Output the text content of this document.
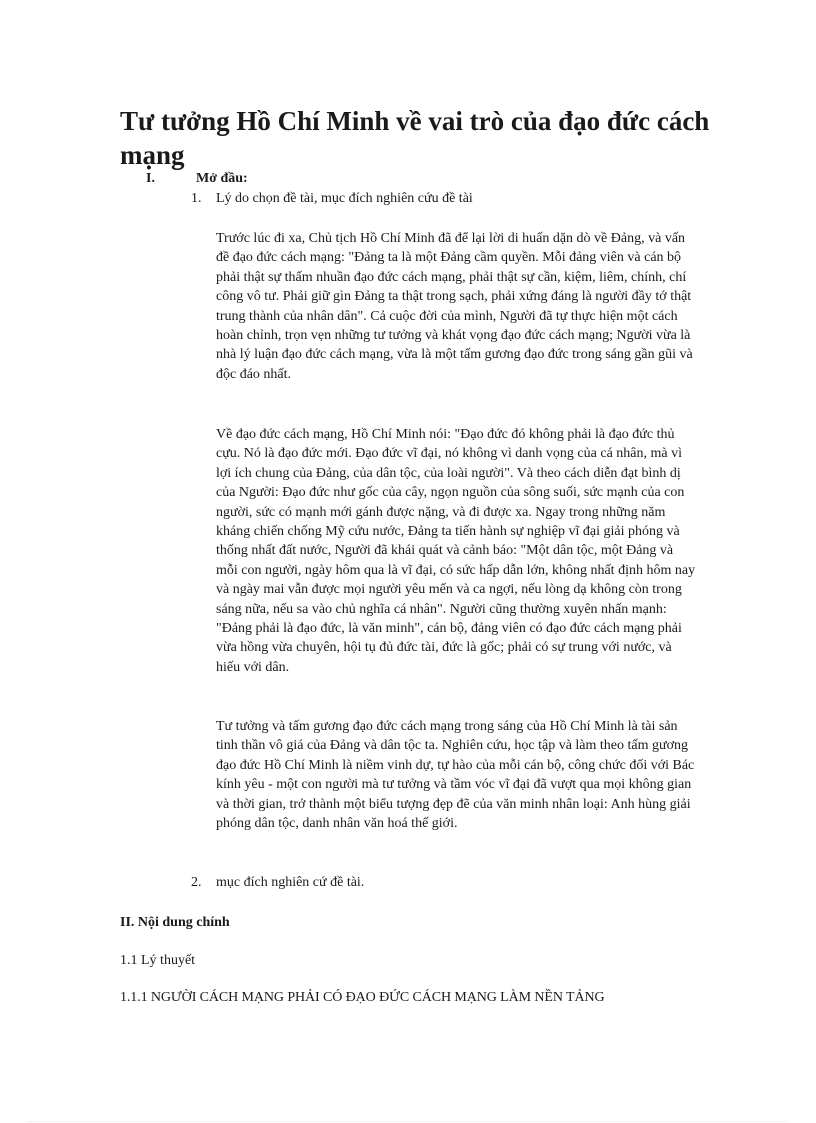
Tư tưởng Hồ Chí Minh về vai trò của đạo đức cách mạng
I.	Mở đầu:
1. Lý do chọn đề tài, mục đích nghiên cứu đề tài

Trước lúc đi xa, Chủ tịch Hồ Chí Minh đã để lại lời di huấn dặn dò về Đảng, và vấn đề đạo đức cách mạng: "Đảng ta là một Đảng cầm quyền. Mỗi đảng viên và cán bộ phải thật sự thấm nhuần đạo đức cách mạng, phải thật sự cần, kiệm, liêm, chính, chí công vô tư. Phải giữ gìn Đảng ta thật trong sạch, phải xứng đáng là người đầy tớ thật trung thành của nhân dân". Cả cuộc đời của mình, Người đã tự thực hiện một cách hoàn chỉnh, trọn vẹn những tư tưởng và khát vọng đạo đức cách mạng; Người vừa là nhà lý luận đạo đức cách mạng, vừa là một tấm gương đạo đức trong sáng gần gũi và độc đáo nhất.

Về đạo đức cách mạng, Hồ Chí Minh nói: "Đạo đức đó không phải là đạo đức thủ cựu. Nó là đạo đức mới. Đạo đức vĩ đại, nó không vì danh vọng của cá nhân, mà vì lợi ích chung của Đảng, của dân tộc, của loài người". Và theo cách diễn đạt bình dị của Người: Đạo đức như gốc của cây, ngọn nguồn của sông suối, sức mạnh của con người, sức có mạnh mới gánh được nặng, và đi được xa. Ngay trong những năm kháng chiến chống Mỹ cứu nước, Đảng ta tiến hành sự nghiệp vĩ đại giải phóng và thống nhất đất nước, Người đã khái quát và cảnh báo: "Một dân tộc, một Đảng và mỗi con người, ngày hôm qua là vĩ đại, có sức hấp dẫn lớn, không nhất định hôm nay và ngày mai vẫn được mọi người yêu mến và ca ngợi, nếu lòng dạ không còn trong sáng nữa, nếu sa vào chủ nghĩa cá nhân". Người cũng thường xuyên nhấn mạnh: "Đảng phải là đạo đức, là văn minh", cán bộ, đảng viên có đạo đức cách mạng phải vừa hồng vừa chuyên, hội tụ đủ đức tài, đức là gốc; phải có sự trung với nước, và hiếu với dân.

Tư tưởng và tấm gương đạo đức cách mạng trong sáng của Hồ Chí Minh là tài sản tinh thần vô giá của Đảng và dân tộc ta. Nghiên cứu, học tập và làm theo tấm gương đạo đức Hồ Chí Minh là niềm vinh dự, tự hào của mỗi cán bộ, công chức đối với Bác kính yêu - một con người mà tư tưởng và tầm vóc vĩ đại đã vượt qua mọi không gian và thời gian, trở thành một biểu tượng đẹp đẽ của văn minh nhân loại: Anh hùng giải phóng dân tộc, danh nhân văn hoá thế giới.

2. mục đích nghiên cứ đề tài.
II. Nội dung chính
1.1 Lý thuyết
1.1.1 NGƯỜI CÁCH MẠNG PHẢI CÓ ĐẠO ĐỨC CÁCH MẠNG LÀM NỀN TẢNG
